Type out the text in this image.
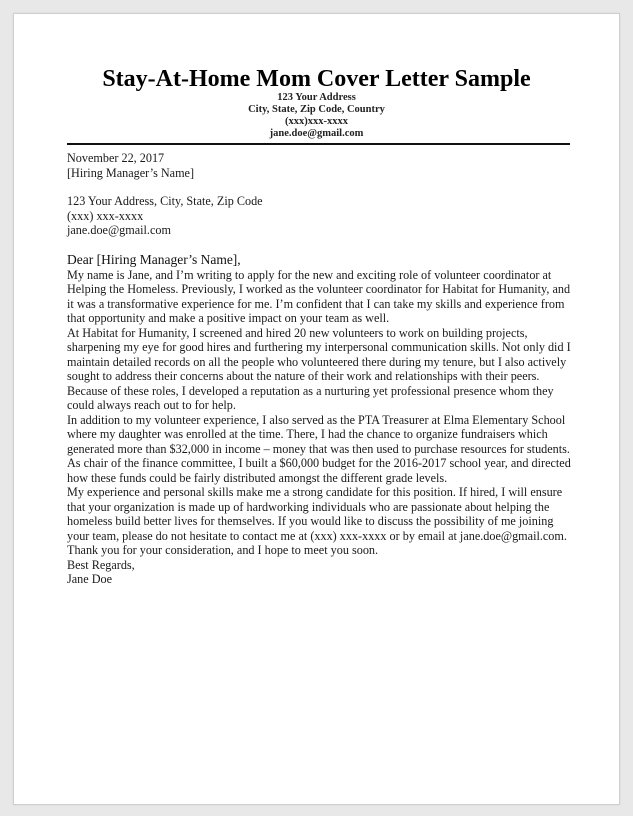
Stay-At-Home Mom Cover Letter Sample
123 Your Address
City, State, Zip Code, Country
(xxx)xxx-xxxx
jane.doe@gmail.com

November 22, 2017

[Hiring Manager’s Name]

123 Your Address, City, State, Zip Code

(xxx) xxx-xxxx

jane.doe@gmail.com

Dear [Hiring Manager’s Name],

My name is Jane, and I’m writing to apply for the new and exciting role of volunteer coordinator at Helping the Homeless. Previously, I worked as the volunteer coordinator for Habitat for Humanity, and it was a transformative experience for me. I’m confident that I can take my skills and experience from that opportunity and make a positive impact on your team as well.

At Habitat for Humanity, I screened and hired 20 new volunteers to work on building projects, sharpening my eye for good hires and furthering my interpersonal communication skills. Not only did I maintain detailed records on all the people who volunteered there during my tenure, but I also actively sought to address their concerns about the nature of their work and relationships with their peers. Because of these roles, I developed a reputation as a nurturing yet professional presence whom they could always reach out to for help.

In addition to my volunteer experience, I also served as the PTA Treasurer at Elma Elementary School where my daughter was enrolled at the time. There, I had the chance to organize fundraisers which generated more than $32,000 in income – money that was then used to purchase resources for students. As chair of the finance committee, I built a $60,000 budget for the 2016-2017 school year, and directed how these funds could be fairly distributed amongst the different grade levels.

My experience and personal skills make me a strong candidate for this position. If hired, I will ensure that your organization is made up of hardworking individuals who are passionate about helping the homeless build better lives for themselves. If you would like to discuss the possibility of me joining your team, please do not hesitate to contact me at (xxx) xxx-xxxx or by email at jane.doe@gmail.com. Thank you for your consideration, and I hope to meet you soon.

Best Regards,

Jane Doe
